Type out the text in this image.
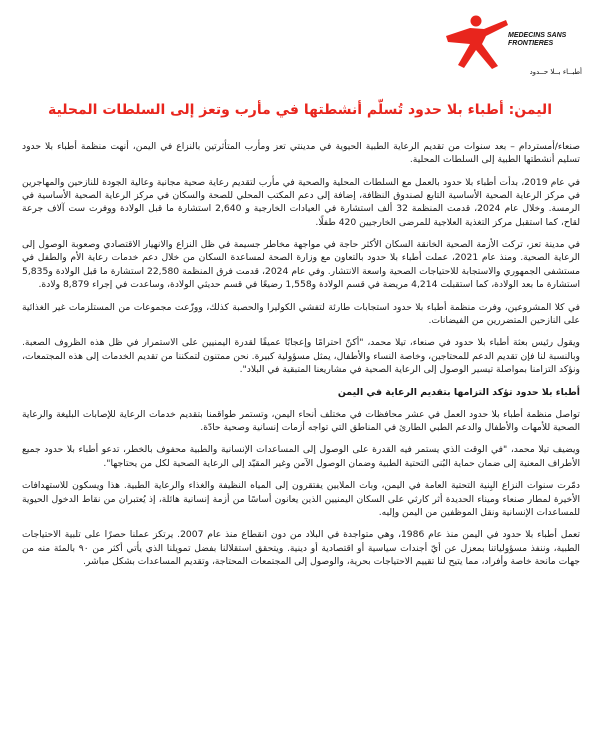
MEDECINS SANS FRONTIERES
أطبــاء بــلا حــدود
اليمن: أطباء بلا حدود تُسلّم أنشطتها في مأرب وتعز إلى السلطات المحلية

صنعاء/أمستردام – بعد سنوات من تقديم الرعاية الطبية الحيوية في مدينتي تعز ومأرب المتأثرتين بالنزاع في اليمن، أنهت منظمة أطباء بلا حدود تسليم أنشطتها الطبية إلى السلطات المحلية.

في عام 2019، بدأت أطباء بلا حدود بالعمل مع السلطات المحلية والصحية في مأرب لتقديم رعاية صحية مجانية وعالية الجودة للنازحين والمهاجرين في مركز الرعاية الصحية الأساسية التابع لصندوق النظافة، إضافة إلى دعم المكتب المحلي للصحة والسكان في مركز الرعاية الصحية الأساسية في الرمسة. وخلال عام 2024، قدمت المنظمة 32 ألف استشارة في العيادات الخارجية و 2,640 استشارة ما قبل الولادة ووفرت ست آلاف جرعة لقاح، كما استقبل مركز التغذية العلاجية للمرضى الخارجيين 420 طفلًا.

في مدينة تعز، تركت الأزمة الصحية الخانقة السكان الأكثر حاجة في مواجهة مخاطر جسيمة في ظل النزاع والانهيار الاقتصادي وصعوبة الوصول إلى الرعاية الصحية. ومنذ عام 2021، عملت أطباء بلا حدود بالتعاون مع وزارة الصحة لمساعدة السكان من خلال دعم خدمات رعاية الأم والطفل في مستشفى الجمهوري والاستجابة للاحتياجات الصحية واسعة الانتشار. وفي عام 2024، قدمت فرق المنظمة 22,580 استشارة ما قبل الولادة و5,835 استشارة ما بعد الولادة، كما استقبلت 4,214 مريضة في قسم الولادة و1,558 رضيعًا في قسم حديثي الولادة، وساعدت في إجراء 8,879 ولادة.

في كلا المشروعين، وفرت منظمة أطباء بلا حدود استجابات طارئة لتفشي الكوليرا والحصبة كذلك، ووزّعت مجموعات من المستلزمات غير الغذائية على النازحين المتضررين من الفيضانات.

ويقول رئيس بعثة أطباء بلا حدود في صنعاء، تيلا محمد، "أكنّ احترامًا وإعجابًا عميقًا لقدرة اليمنيين على الاستمرار في ظل هذه الظروف الصعبة. وبالنسبة لنا فإن تقديم الدعم للمحتاجين، وخاصة النساء والأطفال، يمثل مسؤولية كبيرة. نحن ممتنون لتمكننا من تقديم الخدمات إلى هذه المجتمعات، ونؤكد التزامنا بمواصلة تيسير الوصول إلى الرعاية الصحية في مشاريعنا المتبقية في البلاد".

أطباء بلا حدود تؤكد التزامها بتقديم الرعاية في اليمن

تواصل منظمة أطباء بلا حدود العمل في عشر محافظات في مختلف أنحاء اليمن، وتستمر طواقمنا بتقديم خدمات الرعاية للإصابات البليغة والرعاية الصحية للأمهات والأطفال والدعم الطبي الطارئ في المناطق التي تواجه أزمات إنسانية وصحية حادّة.

ويضيف تيلا محمد، "في الوقت الذي يستمر فيه القدرة على الوصول إلى المساعدات الإنسانية والطبية محفوف بالخطر، تدعو أطباء بلا حدود جميع الأطراف المعنية إلى ضمان حماية البُنى التحتية الطبية وضمان الوصول الآمن وغير المقيّد إلى الرعاية الصحية لكل من يحتاجها".

دمّرت سنوات النزاع البِنية التحتية العامة في اليمن، وبات الملايين يفتقرون إلى المياه النظيفة والغذاء والرعاية الطبية. هذا ويسكون للاستهدافات الأخيرة لمطار صنعاء وميناء الحديدة أثر كارثي على السكان اليمنيين الذين يعانون أساسًا من أزمة إنسانية هائلة، إذ يُعتبران من نقاط الدخول الحيوية للمساعدات الإنسانية ونقل الموظفين من اليمن وإليه.

تعمل أطباء بلا حدود في اليمن منذ عام 1986، وهي متواجدة في البلاد من دون انقطاع منذ عام 2007. يرتكز عملنا حصرًا على تلبية الاحتياجات الطبية، وننفذ مسؤولياتنا بمعزل عن أيّ أجندات سياسية أو اقتصادية أو دينية. ويتحقق استقلالنا بفضل تمويلنا الذي يأتي أكثر من ٩٠ بالمئة منه من جهات مانحة خاصة وأفراد، مما يتيح لنا تقييم الاحتياجات بحرية، والوصول إلى المجتمعات المحتاجة، وتقديم المساعدات بشكل مباشر.
